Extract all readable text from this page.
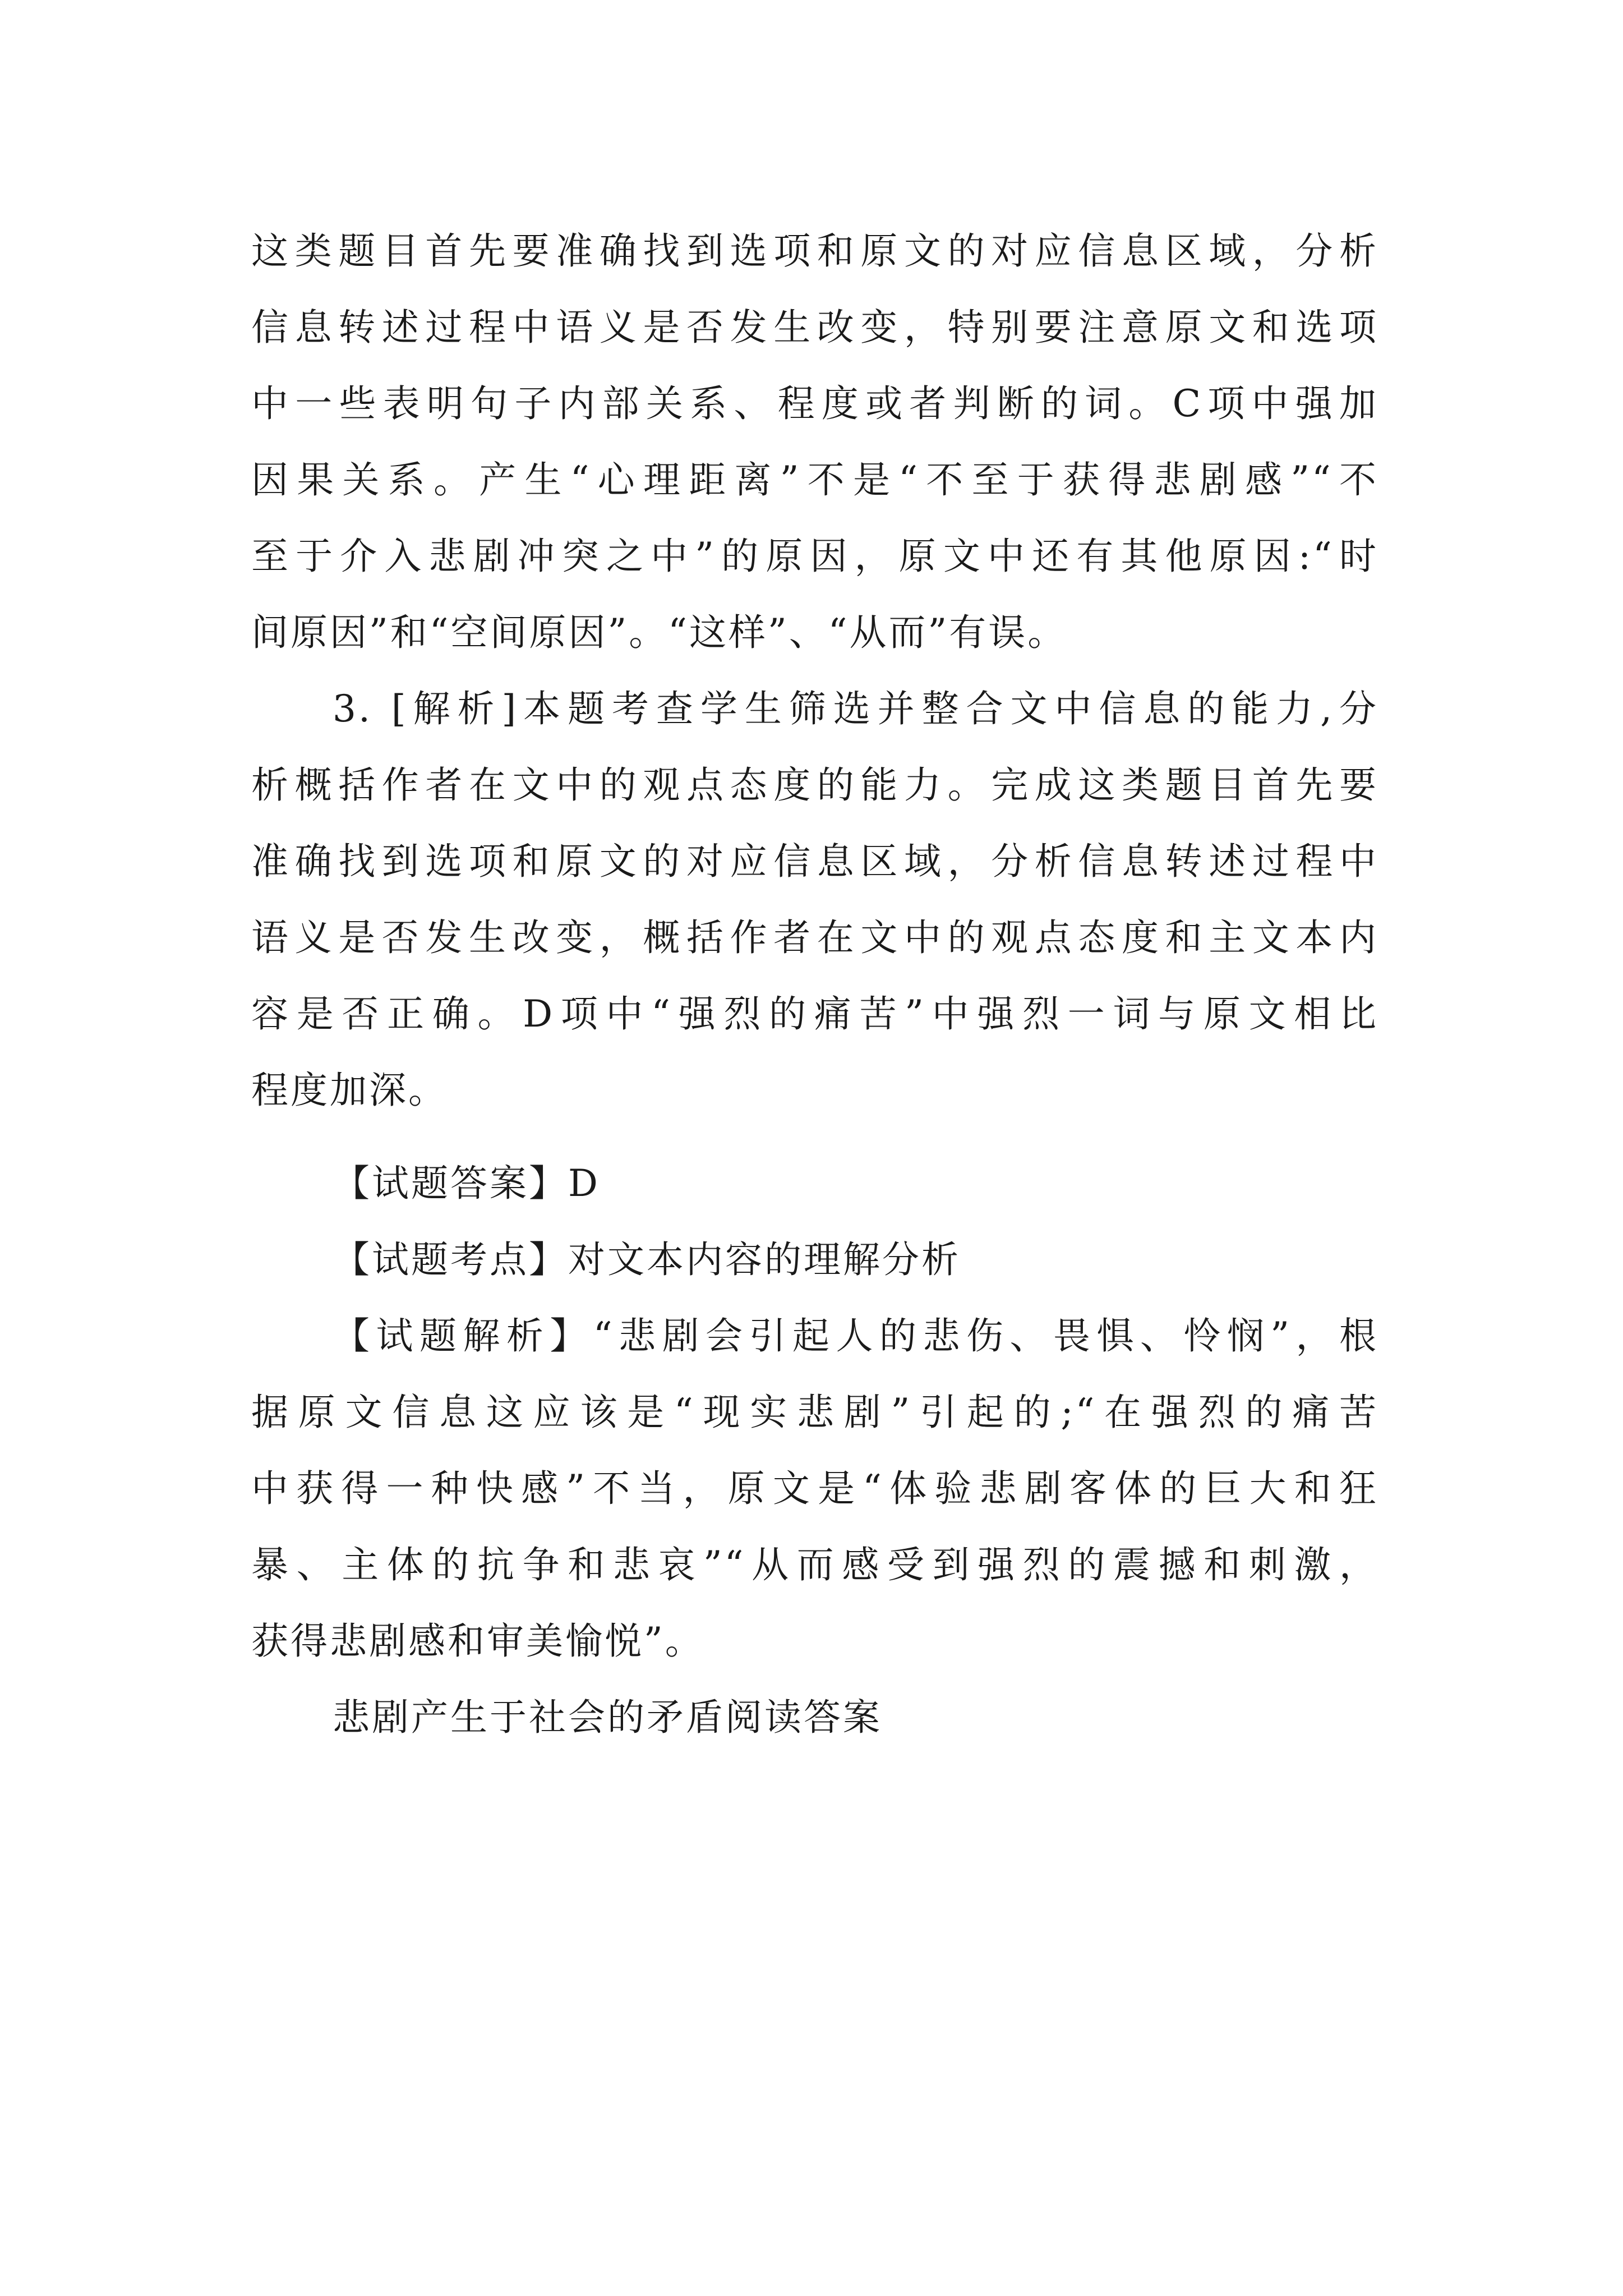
这类题目首先要准确找到选项和原文的对应信息区域，分析
信息转述过程中语义是否发生改变，特别要注意原文和选项
中一些表明句子内部关系、程度或者判断的词。C项中强加
因果关系。产生“心理距离”不是“不至于获得悲剧感”“不
至于介入悲剧冲突之中”的原因，原文中还有其他原因:“时
间原因”和“空间原因”。“这样”、“从而”有误。
3. [解析]本题考查学生筛选并整合文中信息的能力,分
析概括作者在文中的观点态度的能力。完成这类题目首先要
准确找到选项和原文的对应信息区域，分析信息转述过程中
语义是否发生改变，概括作者在文中的观点态度和主文本内
容是否正确。D项中“强烈的痛苦”中强烈一词与原文相比
程度加深。
【试题答案】D
【试题考点】对文本内容的理解分析
【试题解析】“悲剧会引起人的悲伤、畏惧、怜悯”，根
据原文信息这应该是“现实悲剧”引起的;“在强烈的痛苦
中获得一种快感”不当，原文是“体验悲剧客体的巨大和狂
暴、主体的抗争和悲哀”“从而感受到强烈的震撼和刺激，
获得悲剧感和审美愉悦”。
悲剧产生于社会的矛盾阅读答案
